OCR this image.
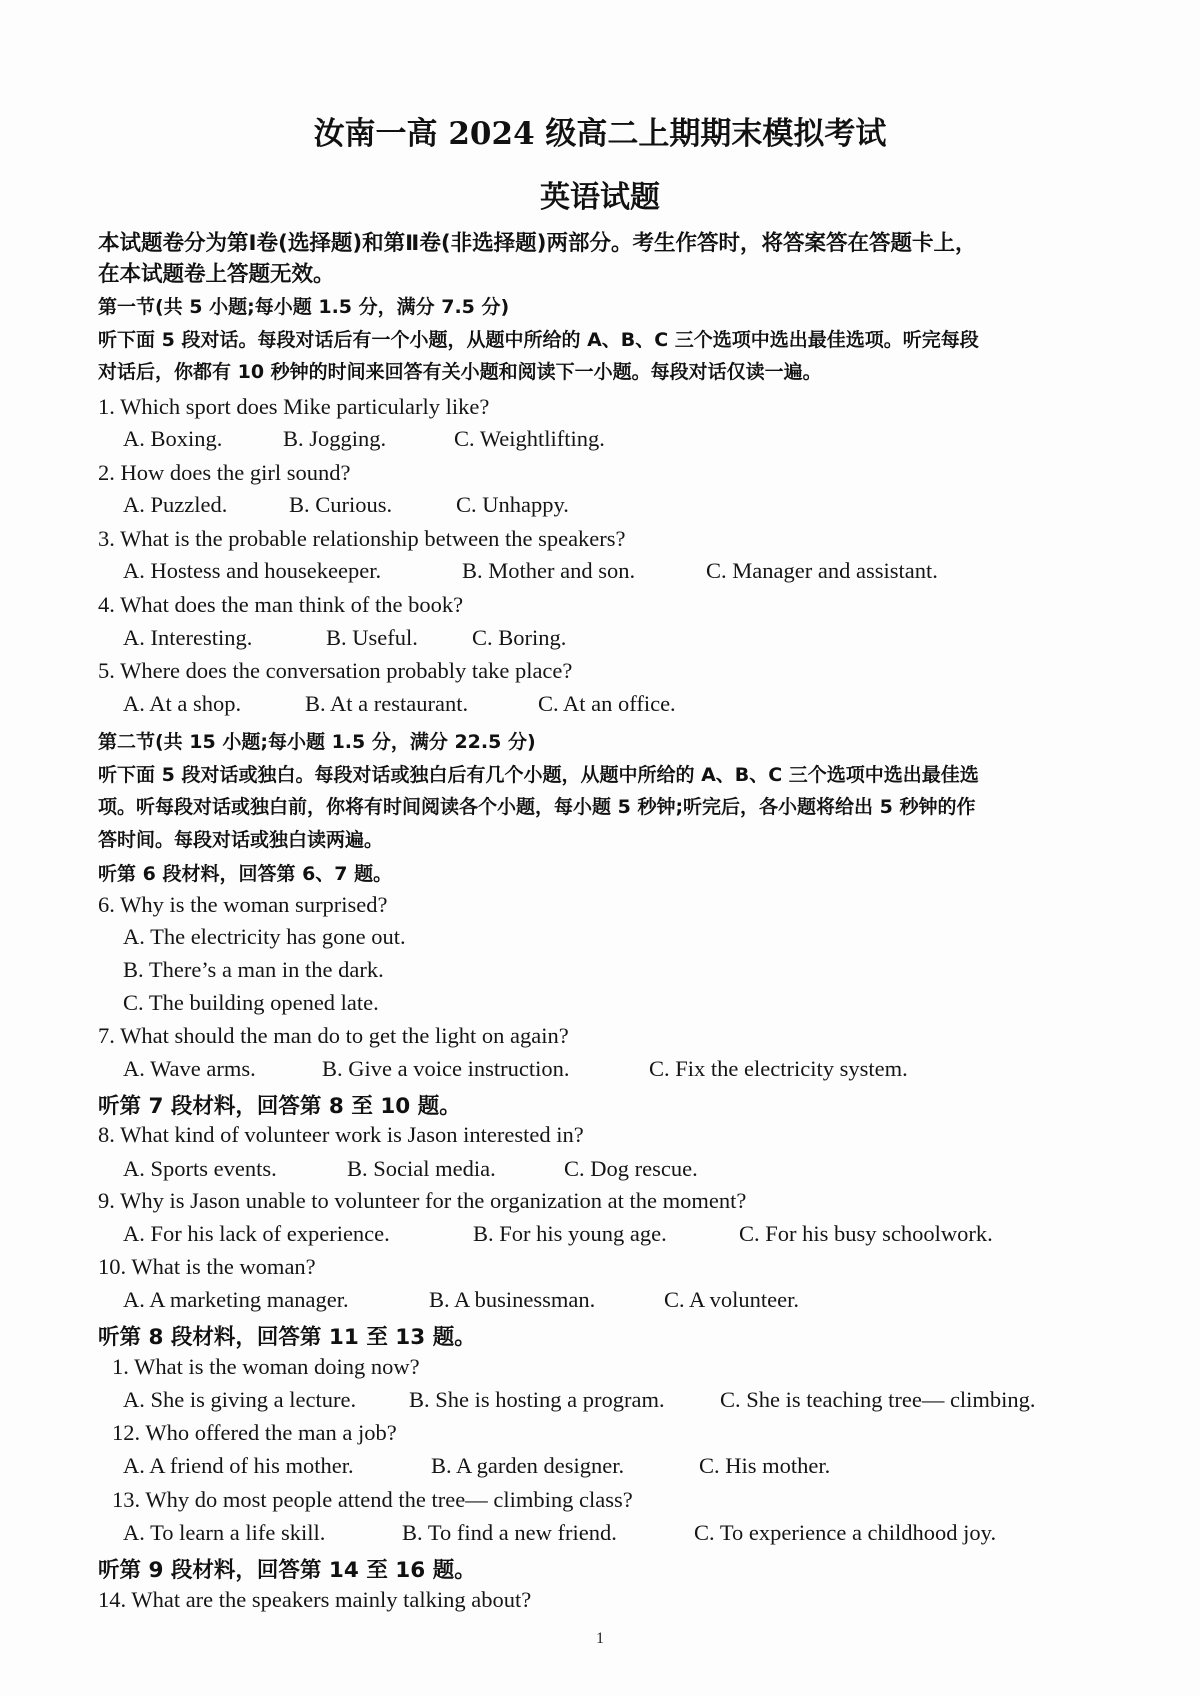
汝南一高 2024 级高二上期期末模拟考试
英语试题
本试题卷分为第Ⅰ卷(选择题)和第Ⅱ卷(非选择题)两部分。考生作答时，将答案答在答题卡上，
在本试题卷上答题无效。
第一节(共 5 小题;每小题 1.5 分，满分 7.5 分)
听下面 5 段对话。每段对话后有一个小题，从题中所给的 A、B、C 三个选项中选出最佳选项。听完每段
对话后，你都有 10 秒钟的时间来回答有关小题和阅读下一小题。每段对话仅读一遍。
1. Which sport does Mike particularly like?
A. Boxing.	B. Jogging.	C. Weightlifting.
2. How does the girl sound?
A. Puzzled.	B. Curious.	C. Unhappy.
3. What is the probable relationship between the speakers?
A. Hostess and housekeeper.	B. Mother and son.	C. Manager and assistant.
4. What does the man think of the book?
A. Interesting.	B. Useful. C. Boring.
5. Where does the conversation probably take place?
A. At a shop.	B. At a restaurant.	C. At an office.
第二节(共 15 小题;每小题 1.5 分，满分 22.5 分)
听下面 5 段对话或独白。每段对话或独白后有几个小题，从题中所给的 A、B、C 三个选项中选出最佳选
项。听每段对话或独白前，你将有时间阅读各个小题，每小题 5 秒钟;听完后，各小题将给出 5 秒钟的作
答时间。每段对话或独白读两遍。
听第 6 段材料，回答第 6、7 题。
6. Why is the woman surprised?
A. The electricity has gone out.
B. There’s a man in the dark.
C. The building opened late.
7. What should the man do to get the light on again?
A. Wave arms.	B. Give a voice instruction.	C. Fix the electricity system.
听第 7 段材料，回答第 8 至 10 题。
8. What kind of volunteer work is Jason interested in?
A. Sports events.	B. Social media.	C. Dog rescue.
9. Why is Jason unable to volunteer for the organization at the moment?
A. For his lack of experience.	B. For his young age.	C. For his busy schoolwork.
10. What is the woman?
A. A marketing manager.	B. A businessman.	C. A volunteer.
听第 8 段材料，回答第 11 至 13 题。
1. What is the woman doing now?
A. She is giving a lecture. B. She is hosting a program. C. She is teaching tree— climbing.
12. Who offered the man a job?
A. A friend of his mother.	B. A garden designer.	C. His mother.
13. Why do most people attend the tree— climbing class?
A. To learn a life skill.	B. To find a new friend.	C. To experience a childhood joy.
听第 9 段材料，回答第 14 至 16 题。
14. What are the speakers mainly talking about?
1
